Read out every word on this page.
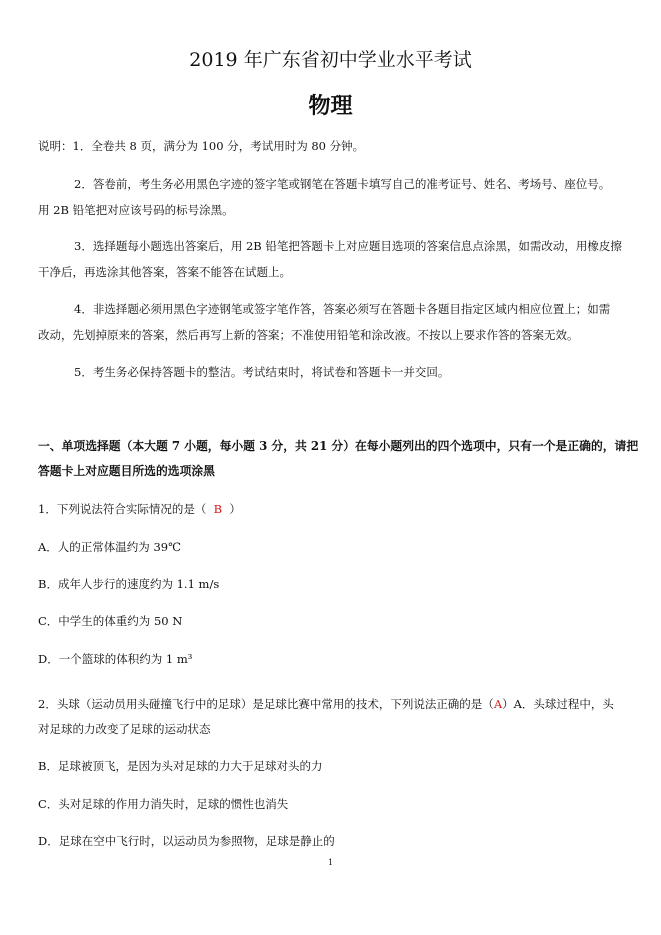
2019 年广东省初中学业水平考试
物理
说明：1．全卷共 8 页，满分为 100 分，考试用时为 80 分钟。
2．答卷前，考生务必用黑色字迹的签字笔或钢笔在答题卡填写自己的准考证号、姓名、考场号、座位号。
用 2B 铅笔把对应该号码的标号涂黑。
3．选择题每小题选出答案后，用 2B 铅笔把答题卡上对应题目选项的答案信息点涂黑，如需改动，用橡皮擦
干净后，再选涂其他答案，答案不能答在试题上。
4．非选择题必须用黑色字迹钢笔或签字笔作答，答案必须写在答题卡各题目指定区域内相应位置上；如需
改动，先划掉原来的答案，然后再写上新的答案；不准使用铅笔和涂改液。不按以上要求作答的答案无效。
5．考生务必保持答题卡的整洁。考试结束时，将试卷和答题卡一并交回。
一、单项选择题（本大题 7 小题，每小题 3 分，共 21 分）在每小题列出的四个选项中，只有一个是正确的，请把
答题卡上对应题目所选的选项涂黑
1．下列说法符合实际情况的是（ B ）
A．人的正常体温约为 39℃
B．成年人步行的速度约为 1.1 m/s
C．中学生的体重约为 50 N
D．一个篮球的体积约为 1 m³
2．头球（运动员用头碰撞飞行中的足球）是足球比赛中常用的技术，下列说法正确的是（A）A．头球过程中，头
对足球的力改变了足球的运动状态
B．足球被顶飞，是因为头对足球的力大于足球对头的力
C．头对足球的作用力消失时，足球的惯性也消失
D．足球在空中飞行时，以运动员为参照物，足球是静止的
1
